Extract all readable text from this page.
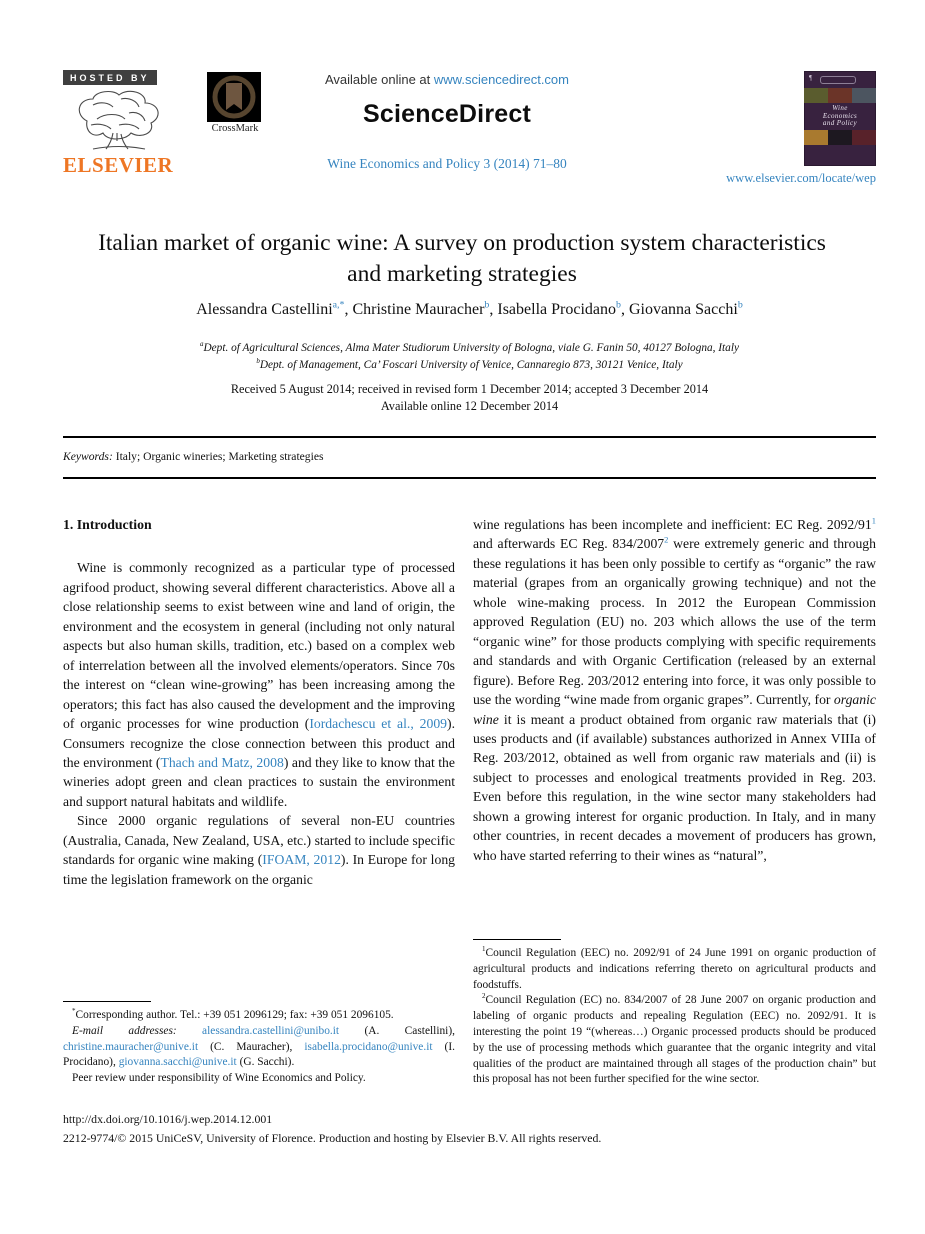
HOSTED BY
ELSEVIER
CrossMark
Available online at www.sciencedirect.com
ScienceDirect
Wine Economics and Policy 3 (2014) 71–80
¶
Wine
Economics
and Policy
www.elsevier.com/locate/wep
Italian market of organic wine: A survey on production system characteristics and marketing strategies
Alessandra Castellini$^{a,*}$, Christine Mauracher$^b$, Isabella Procidano$^b$, Giovanna Sacchi$^b$
$^a$Dept. of Agricultural Sciences, Alma Mater Studiorum University of Bologna, viale G. Fanin 50, 40127 Bologna, Italy
$^b$Dept. of Management, Ca’ Foscari University of Venice, Cannaregio 873, 30121 Venice, Italy
Received 5 August 2014; received in revised form 1 December 2014; accepted 3 December 2014
Available online 12 December 2014
Keywords: Italy; Organic wineries; Marketing strategies
1. Introduction

Wine is commonly recognized as a particular type of processed agrifood product, showing several different characteristics. Above all a close relationship seems to exist between wine and land of origin, the environment and the ecosystem in general (including not only natural aspects but also human skills, tradition, etc.) based on a complex web of interrelation between all the involved elements/operators. Since 70s the interest on “clean wine-growing” has been increasing among the operators; this fact has also caused the development and the improving of organic processes for wine production (Iordachescu et al., 2009). Consumers recognize the close connection between this product and the environment (Thach and Matz, 2008) and they like to know that the wineries adopt green and clean practices to sustain the environment and support natural habitats and wildlife.

Since 2000 organic regulations of several non-EU countries (Australia, Canada, New Zealand, USA, etc.) started to include specific standards for organic wine making (IFOAM, 2012). In Europe for long time the legislation framework on the organic

wine regulations has been incomplete and inefficient: EC Reg. $2092/91^1$ and afterwards EC Reg. 834/2007$^2$ were extremely generic and through these regulations it has been only possible to certify as “organic” the raw material (grapes from an organically growing technique) and not the whole wine-making process. In 2012 the European Commission approved Regulation (EU) no. 203 which allows the use of the term “organic wine” for those products complying with specific requirements and standards and with Organic Certification (released by an external figure). Before Reg. 203/2012 entering into force, it was only possible to use the wording “wine made from organic grapes”. Currently, for organic wine it is meant a product obtained from organic raw materials that (i) uses products and (if available) substances authorized in Annex VIIIa of Reg. 203/2012, obtained as well from organic raw materials and (ii) is subject to processes and enological treatments provided in Reg. 203. Even before this regulation, in the wine sector many stakeholders had shown a growing interest for organic production. In Italy, and in many other countries, in recent decades a movement of producers has grown, who have started referring to their wines as “natural”,

*Corresponding author. Tel.: +39 051 2096129; fax: +39 051 2096105.

E-mail addresses: alessandra.castellini@unibo.it (A. Castellini), christine.mauracher@unive.it (C. Mauracher), isabella.procidano@unive.it (I. Procidano), giovanna.sacchi@unive.it (G. Sacchi).

Peer review under responsibility of Wine Economics and Policy.

$^1$Council Regulation (EEC) no. 2092/91 of 24 June 1991 on organic production of agricultural products and indications referring thereto on agricultural products and foodstuffs.

$^2$Council Regulation (EC) no. 834/2007 of 28 June 2007 on organic production and labeling of organic products and repealing Regulation (EEC) no. 2092/91. It is interesting the point 19 “(whereas…) Organic processed products should be produced by the use of processing methods which guarantee that the organic integrity and vital qualities of the product are maintained through all stages of the production chain” but this proposal has not been further specified for the wine sector.

http://dx.doi.org/10.1016/j.wep.2014.12.001
2212-9774/© 2015 UniCeSV, University of Florence. Production and hosting by Elsevier B.V. All rights reserved.
